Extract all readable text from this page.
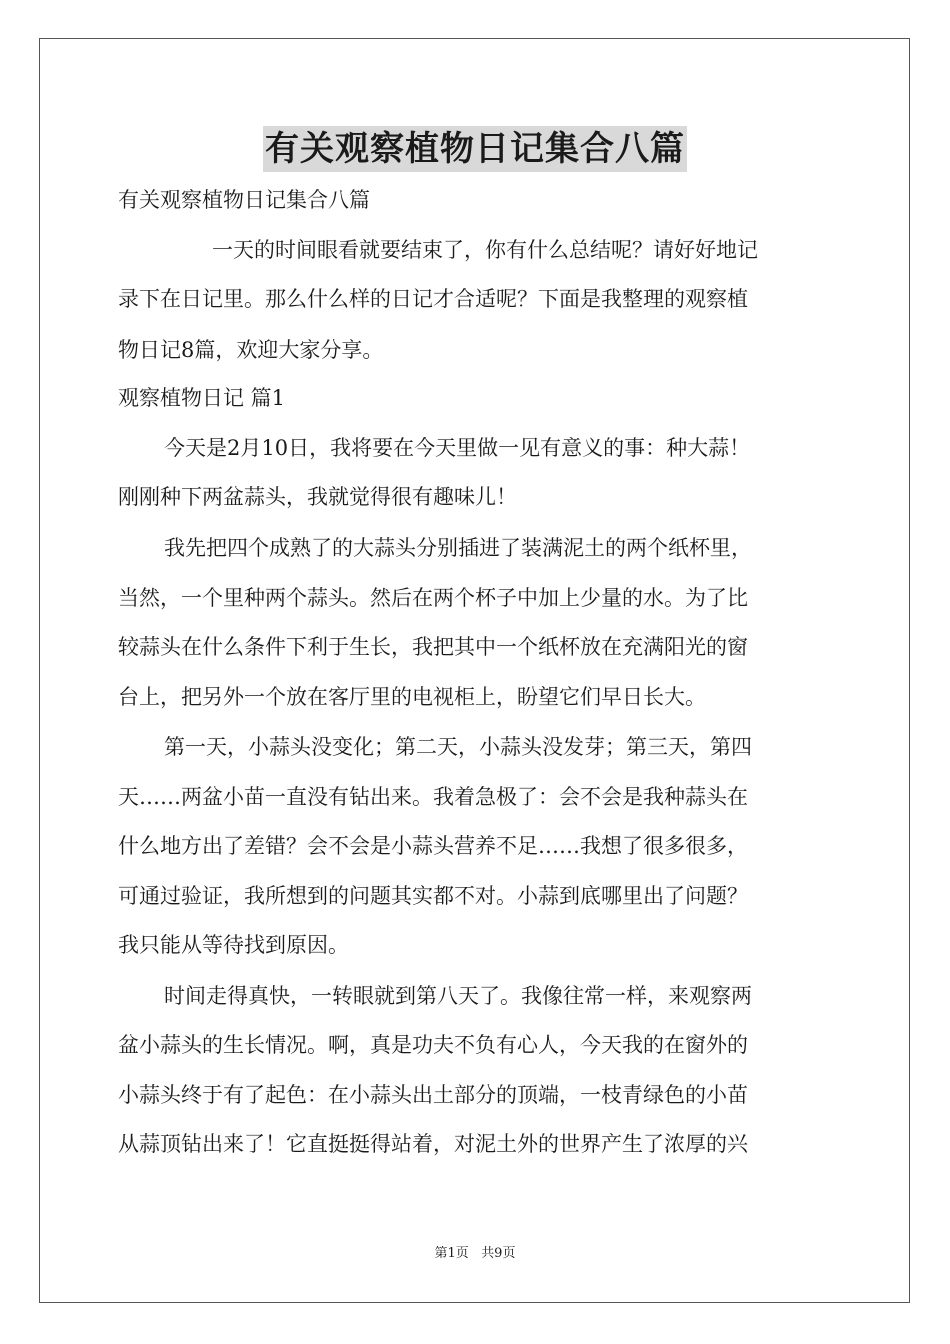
有关观察植物日记集合八篇
有关观察植物日记集合八篇
一天的时间眼看就要结束了，你有什么总结呢？请好好地记
录下在日记里。那么什么样的日记才合适呢？下面是我整理的观察植
物日记8篇，欢迎大家分享。
观察植物日记 篇1
今天是2月10日，我将要在今天里做一见有意义的事：种大蒜！
刚刚种下两盆蒜头，我就觉得很有趣味儿！
我先把四个成熟了的大蒜头分别插进了装满泥土的两个纸杯里，
当然，一个里种两个蒜头。然后在两个杯子中加上少量的水。为了比
较蒜头在什么条件下利于生长，我把其中一个纸杯放在充满阳光的窗
台上，把另外一个放在客厅里的电视柜上，盼望它们早日长大。
第一天，小蒜头没变化；第二天，小蒜头没发芽；第三天，第四
天……两盆小苗一直没有钻出来。我着急极了：会不会是我种蒜头在
什么地方出了差错？会不会是小蒜头营养不足……我想了很多很多，
可通过验证，我所想到的问题其实都不对。小蒜到底哪里出了问题？
我只能从等待找到原因。
时间走得真快，一转眼就到第八天了。我像往常一样，来观察两
盆小蒜头的生长情况。啊，真是功夫不负有心人，今天我的在窗外的
小蒜头终于有了起色：在小蒜头出土部分的顶端，一枝青绿色的小苗
从蒜顶钻出来了！它直挺挺得站着，对泥土外的世界产生了浓厚的兴
第1页   共9页
